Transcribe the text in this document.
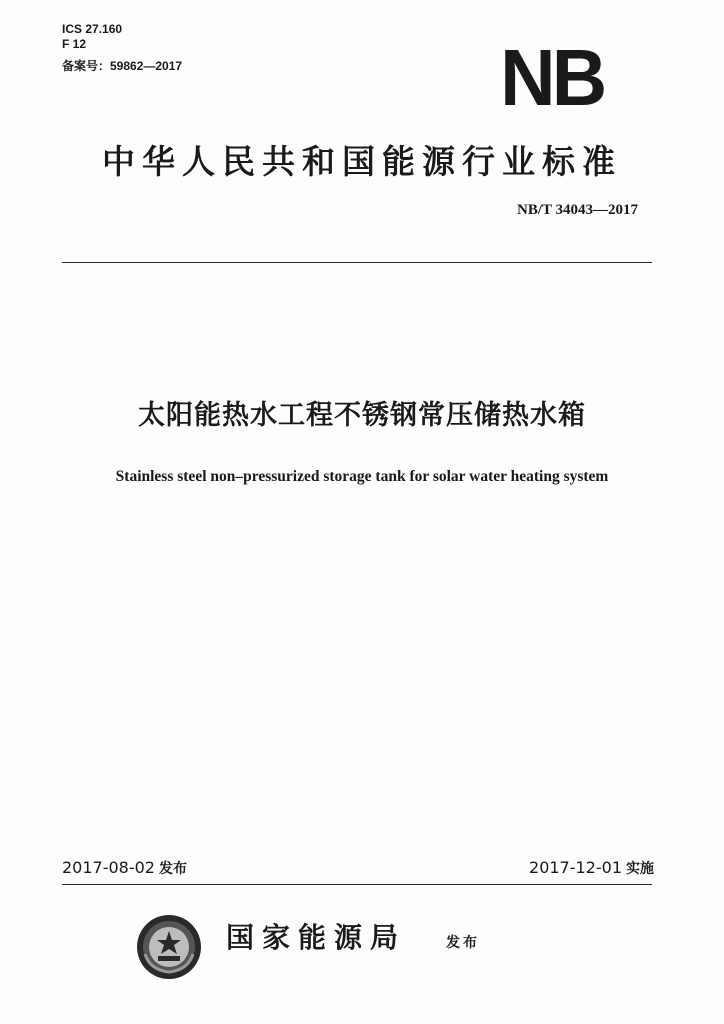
ICS 27.160
F 12
备案号：59862—2017	NB
中华人民共和国能源行业标准
NB/T 34043—2017
太阳能热水工程不锈钢常压储热水箱
Stainless steel non–pressurized storage tank for solar water heating system
2017-08-02 发布	2017-12-01 实施
国家能源局	发布
